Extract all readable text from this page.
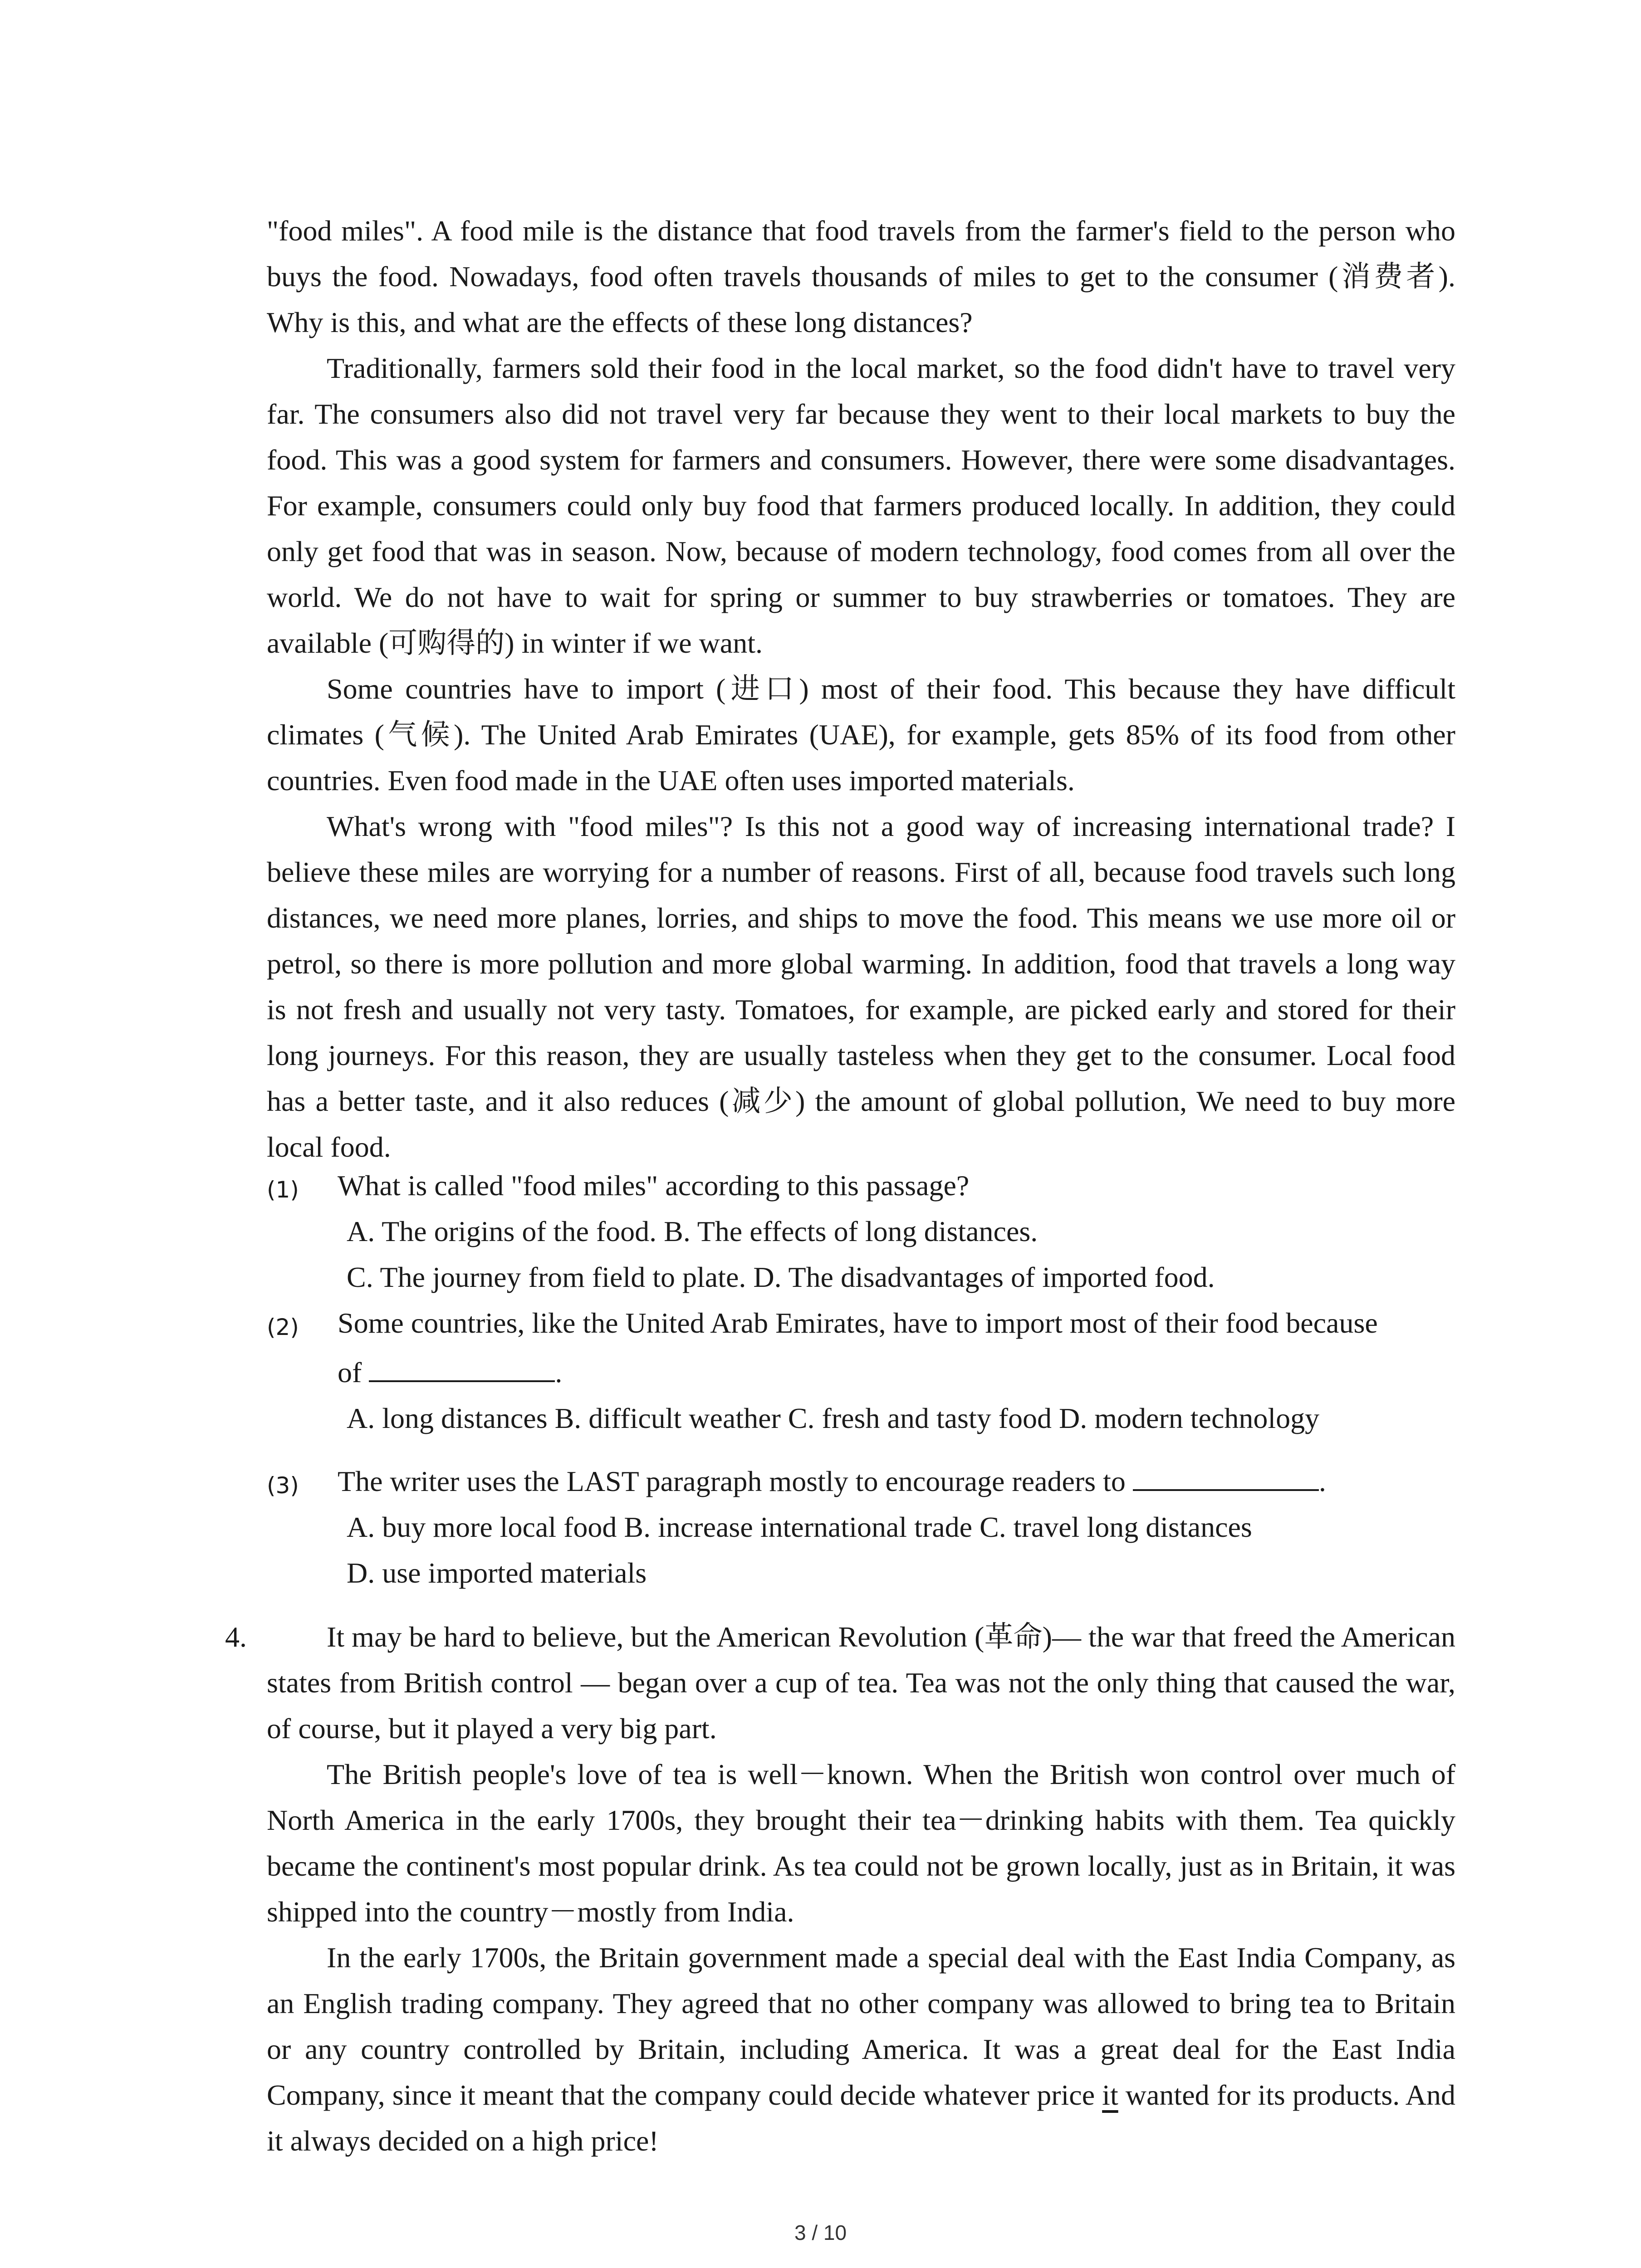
"food miles". A food mile is the distance that food travels from the farmer's field to the person who buys the food. Nowadays, food often travels thousands of miles to get to the consumer (消费者). Why is this, and what are the effects of these long distances?

Traditionally, farmers sold their food in the local market, so the food didn't have to travel very far. The consumers also did not travel very far because they went to their local markets to buy the food. This was a good system for farmers and consumers. However, there were some disadvantages. For example, consumers could only buy food that farmers produced locally. In addition, they could only get food that was in season. Now, because of modern technology, food comes from all over the world. We do not have to wait for spring or summer to buy strawberries or tomatoes. They are available (可购得的) in winter if we want.

Some countries have to import (进口) most of their food. This because they have difficult climates (气候). The United Arab Emirates (UAE), for example, gets 85% of its food from other countries. Even food made in the UAE often uses imported materials.

What's wrong with "food miles"? Is this not a good way of increasing international trade? I believe these miles are worrying for a number of reasons. First of all, because food travels such long distances, we need more planes, lorries, and ships to move the food. This means we use more oil or petrol, so there is more pollution and more global warming. In addition, food that travels a long way is not fresh and usually not very tasty. Tomatoes, for example, are picked early and stored for their long journeys. For this reason, they are usually tasteless when they get to the consumer. Local food has a better taste, and it also reduces (减少) the amount of global pollution, We need to buy more local food.

(1) What is called "food miles" according to this passage?
A. The origins of the food. B. The effects of long distances.
C. The journey from field to plate. D. The disadvantages of imported food.
(2) Some countries, like the United Arab Emirates, have to import most of their food because
of	.
A. long distances B. difficult weather C. fresh and tasty food D. modern technology
(3) The writer uses the LAST paragraph mostly to encourage readers to	.
A. buy more local food B. increase international trade C. travel long distances
D. use imported materials
4.	It may be hard to believe, but the American Revolution (革命)— the war that freed the American states from British control — began over a cup of tea. Tea was not the only thing that caused the war, of course, but it played a very big part.

The British people's love of tea is well－known. When the British won control over much of North America in the early 1700s, they brought their tea－drinking habits with them. Tea quickly became the continent's most popular drink. As tea could not be grown locally, just as in Britain, it was shipped into the country－mostly from India.

In the early 1700s, the Britain government made a special deal with the East India Company, as an English trading company. They agreed that no other company was allowed to bring tea to Britain or any country controlled by Britain, including America. It was a great deal for the East India Company, since it meant that the company could decide whatever price it wanted for its products. And it always decided on a high price!

3 / 10
